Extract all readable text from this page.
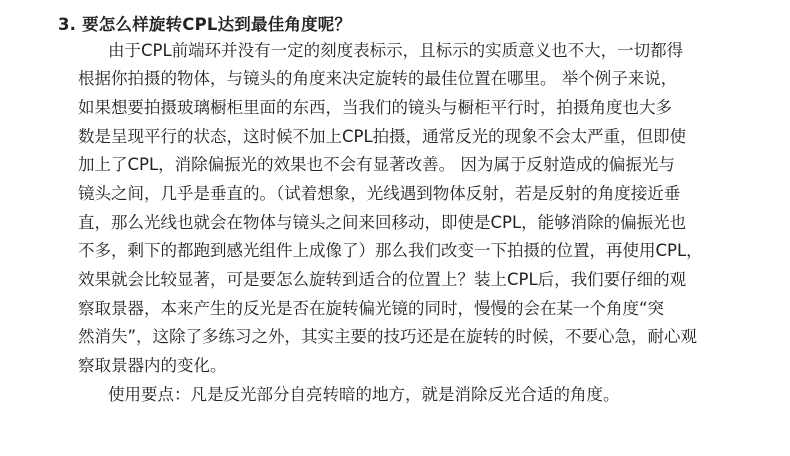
3. 要怎么样旋转CPL达到最佳角度呢？
由于CPL前端环并没有一定的刻度表标示，且标示的实质意义也不大，一切都得
根据你拍摄的物体，与镜头的角度来决定旋转的最佳位置在哪里。 举个例子来说，
如果想要拍摄玻璃橱柜里面的东西，当我们的镜头与橱柜平行时，拍摄角度也大多
数是呈现平行的状态，这时候不加上CPL拍摄，通常反光的现象不会太严重，但即使
加上了CPL，消除偏振光的效果也不会有显著改善。 因为属于反射造成的偏振光与
镜头之间，几乎是垂直的。（试着想象，光线遇到物体反射，若是反射的角度接近垂
直，那么光线也就会在物体与镜头之间来回移动，即使是CPL，能够消除的偏振光也
不多，剩下的都跑到感光组件上成像了）那么我们改变一下拍摄的位置，再使用CPL，
效果就会比较显著，可是要怎么旋转到适合的位置上？装上CPL后，我们要仔细的观
察取景器，本来产生的反光是否在旋转偏光镜的同时，慢慢的会在某一个角度“突
然消失”，这除了多练习之外，其实主要的技巧还是在旋转的时候，不要心急，耐心观
察取景器内的变化。
使用要点：凡是反光部分自亮转暗的地方，就是消除反光合适的角度。
